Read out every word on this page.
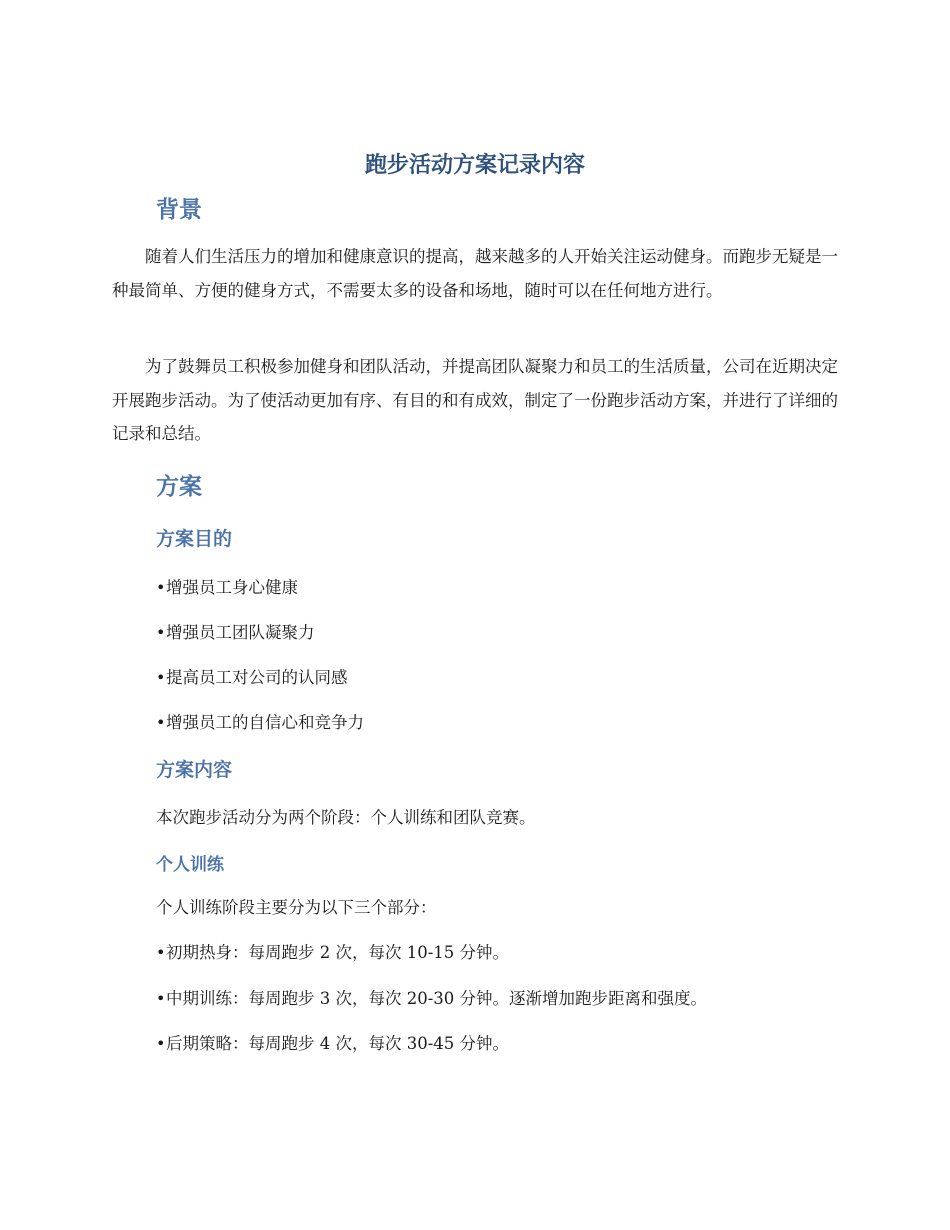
跑步活动方案记录内容
背景

随着人们生活压力的增加和健康意识的提高，越来越多的人开始关注运动健身。而跑步无疑是一种最简单、方便的健身方式，不需要太多的设备和场地，随时可以在任何地方进行。

为了鼓舞员工积极参加健身和团队活动，并提高团队凝聚力和员工的生活质量，公司在近期决定开展跑步活动。为了使活动更加有序、有目的和有成效，制定了一份跑步活动方案，并进行了详细的记录和总结。

方案
方案目的
•增强员工身心健康
•增强员工团队凝聚力
•提高员工对公司的认同感
•增强员工的自信心和竞争力
方案内容
本次跑步活动分为两个阶段：个人训练和团队竞赛。
个人训练
个人训练阶段主要分为以下三个部分：
•初期热身：每周跑步 2 次，每次 10-15 分钟。
•中期训练：每周跑步 3 次，每次 20-30 分钟。逐渐增加跑步距离和强度。
•后期策略：每周跑步 4 次，每次 30-45 分钟。
